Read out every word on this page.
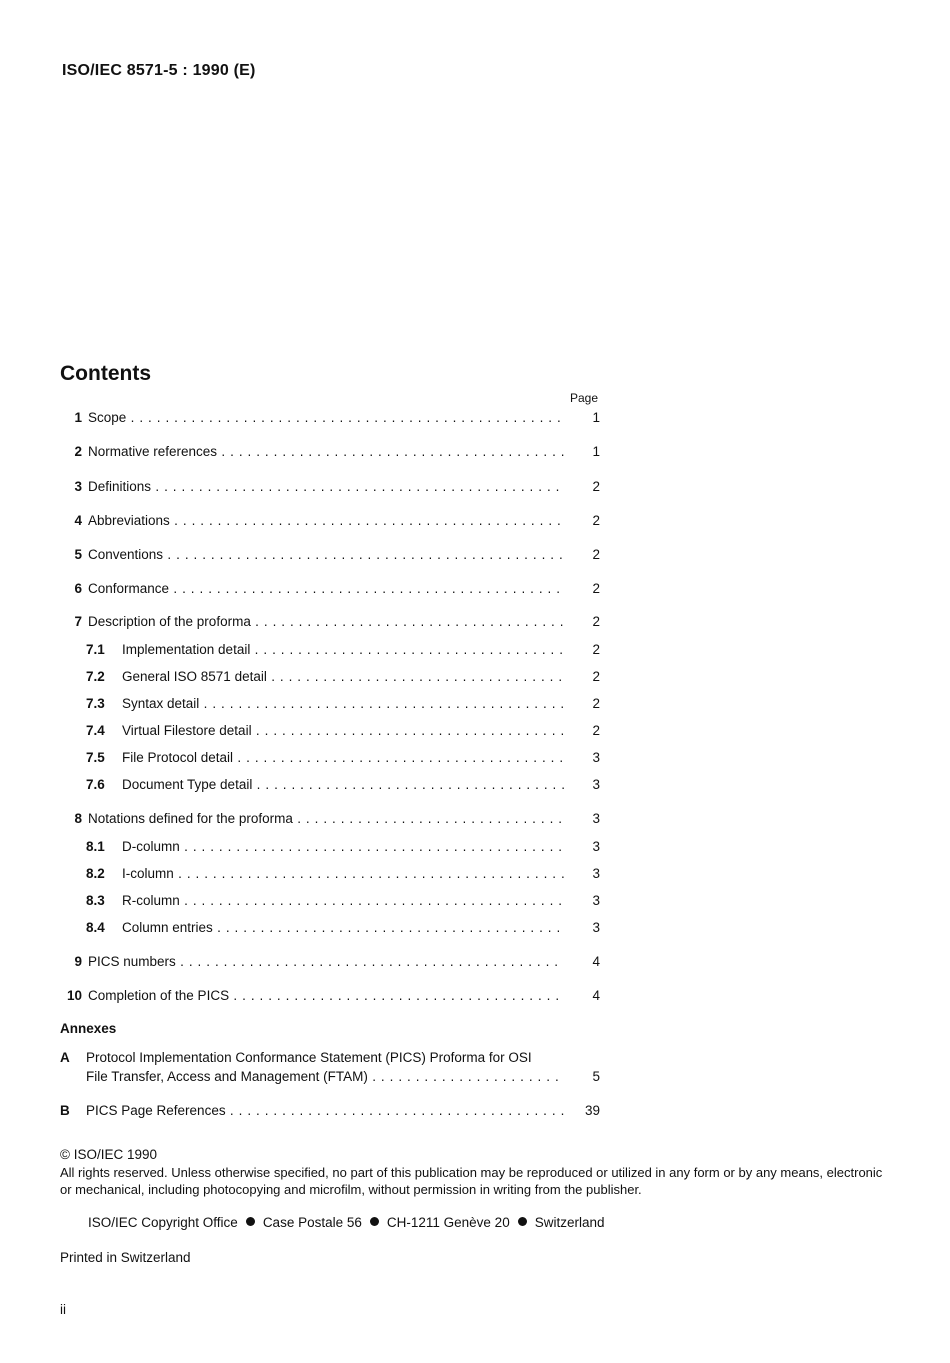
ISO/IEC 8571-5 : 1990 (E)
Contents
Page
1 Scope . . .	1
2 Normative references . . .	1
3 Definitions . . .	2
4 Abbreviations . . .	2
5 Conventions . . .	2
6 Conformance . . .	2
7 Description of the proforma . . .	2
7.1 Implementation detail . . .	2
7.2 General ISO 8571 detail . . .	2
7.3 Syntax detail . . .	2
7.4 Virtual Filestore detail . . .	2
7.5 File Protocol detail . . .	3
7.6 Document Type detail . . .	3
8 Notations defined for the proforma . . .	3
8.1 D-column . . .	3
8.2 I-column . . .	3
8.3 R-column . . .	3
8.4 Column entries . . .	3
9 PICS numbers . . .	4
10 Completion of the PICS . . .	4
Annexes
A Protocol Implementation Conformance Statement (PICS) Proforma for OSI
File Transfer, Access and Management (FTAM) . . .	5
B PICS Page References . . .	39
© ISO/IEC 1990
All rights reserved. Unless otherwise specified, no part of this publication may be reproduced or utilized in any form or by any means, electronic or mechanical, including photocopying and microfilm, without permission in writing from the publisher.
ISO/IEC Copyright Office Case Postale 56 CH-1211 Genève 20 Switzerland
Printed in Switzerland
ii
